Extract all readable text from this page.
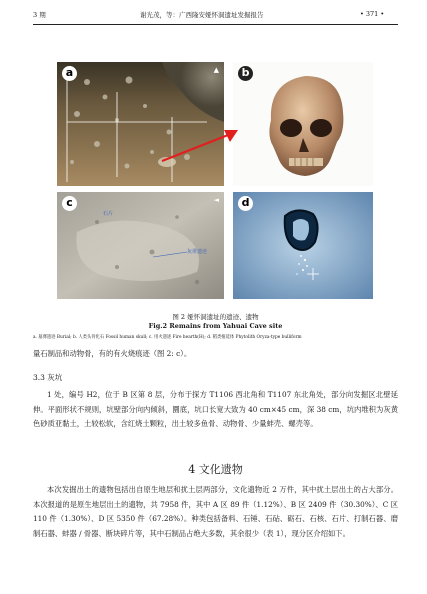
3 期	谢光茂，等：广西隆安娅怀洞遗址发掘报告	• 371 •
a	▲	b
c
石片
灰堆遗迹
◄	d
图 2 娅怀洞遗址的遗迹、遗物
Fig.2 Remains from Yahuai Cave site
a. 墓葬遗迹 Burial; b. 人类头骨化石 Fossil human skull; c. 用火遗迹 Fire hearth(H); d. 稻类植硅体 Phytolith Oryza-type bulliform
量石制品和动物骨，有的有火烧痕迹（图 2: c）。
3.3 灰坑
1 处，编号 H2，位于 B 区第 8 层，分布于探方 T1106 西北角和 T1107 东北角处，部分向发掘区北壁延伸。平面形状不规则，坑壁部分向内倾斜，圜底，坑口长宽大致为 40 cm×45 cm，深 38 cm，坑内堆积为灰黄色砂质亚黏土，土较松软，含红烧土颗粒，出土较多鱼骨、动物骨、少量蚌壳、螺壳等。
4 文化遗物
本次发掘出土的遗物包括出自原生地层和扰土层两部分，文化遗物近 2 万件，其中扰土层出土的占大部分。本次报道的是原生地层出土的遗物，共 7958 件，其中 A 区 89 件（1.12%）、B 区 2409 件（30.30%）、C 区 110 件（1.30%）、D 区 5350 件（67.28%）。种类包括备料、石锤、石砧、砺石、石核、石片、打制石器、磨制石器、蚌器 / 骨器、断块碎片等，其中石制品占绝大多数，其余很少（表 1），现分区介绍如下。
